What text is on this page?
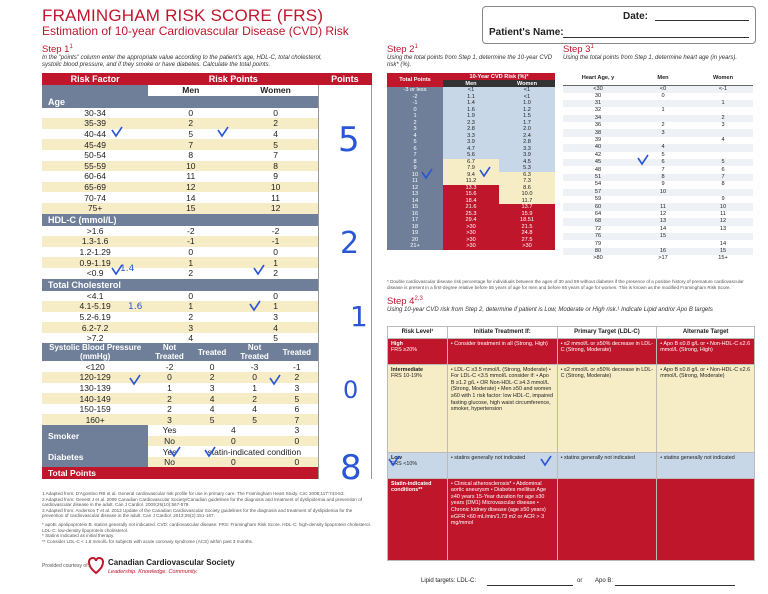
FRAMINGHAM RISK SCORE (FRS)
Estimation of 10-year Cardiovascular Disease (CVD) Risk
Date:
Patient's Name:
Step $1^1$
In the "points" column enter the appropriate value according to the patient's age, HDL-C, total cholesterol, systolic blood pressure, and if they smoke or have diabetes. Calculate the total points.
Risk Factor	Risk Points				Points
	Men		Women		
Age					
30-34	0		0		
35-39	2		2		
40-44	5		4		
45-49	7		5		
50-54	8		7		
55-59	10		8		
60-64	11		9		
65-69	12		10		
70-74	14		11		
75+	15		12		
HDL-C (mmol/L)					
>1.6	-2		-2		
1.3-1.6	-1		-1		
1.2-1.29	0		0		
0.9-1.19	1		1		
<0.9	2		2		
Total Cholesterol					
<4.1	0		0		
4.1-5.19	1		1		
5.2-6.19	2		3		
6.2-7.2	3		4		
>7.2	4		5		
Systolic Blood Pressure (mmHg)	Not Treated	Treated	Not Treated	Treated	
<120	-2	0	-3	-1	
120-129	0	2	0	2	
130-139	1	3	1	3	
140-149	2	4	2	5	
150-159	2	4	4	6	
160+	3	5	5	7	
Smoker	Yes	4		3	
	No	0		0	
Diabetes	Yes	statin-indicated condition			
	No	0		0	
Total Points					
5
2
1
0
8
1.4
1.6
1 Adapted from: D'Agostino RB et al. General cardiovascular risk profile for use in primary care. The Framingham Heart Study. Circ 2008;117:743-53.
2 Adapted from: Genest J et al. 2009 Canadian Cardiovascular Society/Canadian guidelines for the diagnosis and treatment of dyslipidemia and prevention of cardiovascular disease in the adult. Can J Cardiol. 2009;25(10):567-579.
3 Adapted from: Anderson T et al. 2012 Update of the Canadian Cardiovascular Society guidelines for the diagnosis and treatment of dyslipidemia for the prevention of cardiovascular disease in the adult. Can J Cardiol. 2013;29(2):151-167.
* apoB: apolipoprotein B. statins generally not indicated. CVD: cardiovascular disease. FRS: Framingham Risk Score. HDL-C: high-density lipoprotein cholesterol. LDL-C: low-density lipoprotein cholesterol.
* Statins indicated as initial therapy.
** Consider LDL-C < 1.8 mmol/L for subjects with acute coronary syndrome (ACS) within past 3 months.
Provided courtesy of: Canadian Cardiovascular Society
Leadership. Knowledge. Community.
Step $2^1$
Using the total points from Step 1, determine the 10-year CVD risk* (%).
Total Points	10-Year CVD Risk (%)*	
	Men	Women
-3 or less	<1	<1
-2	1.1	<1
-1	1.4	1.0
0	1.6	1.2
1	1.9	1.5
2	2.3	1.7
3	2.8	2.0
4	3.3	2.4
5	3.9	2.8
6	4.7	3.3
7	5.6	3.9
8	6.7	4.5
9	7.9	5.3
10	9.4	6.3
11	11.2	7.3
12	13.3	8.6
13	15.6	10.0
14	18.4	11.7
15	21.6	13.7
16	25.3	15.9
17	29.4	18.51
18	>30	21.5
19	>30	24.8
20	>30	27.5
21+	>30	>30
* Double cardiovascular disease risk percentage for individuals between the ages of 30 and 59 without diabetes if the presence of a positive history of premature cardiovascular disease is present in a first-degree relative before 55 years of age for men and before 65 years of age for women. This is known as the modified Framingham Risk Score.
Step $3^1$
Using the total points from Step 1, determine heart age (in years).
Heart Age, y	Men	Women
<30	<0	<-1
30	0	
31		1
32	1	
34		2
36	2	3
38	3	
39		4
40	4	
42	5	
45	6	5
48	7	6
51	8	7
54	9	8
57	10	
59		9
60	11	10
64	12	11
68	13	12
72	14	13
76	15	
79		14
80	16	15
>80	>17	15+
Step 4$^{2,3}$
Using 10-year CVD risk from Step 2, determine if patient is Low, Moderate or High risk.¹ Indicate Lipid and/or Apo B targets
Risk Level¹	Initiate Treatment If:	Primary Target (LDL-C)	Alternate Target
High
FRS ≥20%	• Consider treatment in all (Strong, High)	• ≤2 mmol/L or ≥50% decrease in LDL-C (Strong, Moderate)	• Apo B ≤0.8 g/L or • Non-HDL-C ≤2.6 mmol/L (Strong, High)
Intermediate
FRS 10-19%	• LDL-C ≥3.5 mmol/L (Strong, Moderate) • For LDL-C <3.5 mmol/L consider if: • Apo B ≥1.2 g/L • OR Non-HDL-C ≥4.3 mmol/L (Strong, Moderate) • Men ≥50 and women ≥60 with 1 risk factor: low HDL-C, impaired fasting glucose, high waist circumference, smoker, hypertension	• ≤2 mmol/L or ≥50% decrease in LDL-C (Strong, Moderate)	• Apo B ≤0.8 g/L or • Non-HDL-C ≤2.6 mmol/L (Strong, Moderate)
Low
FRS <10%	• statins generally not indicated	• statins generally not indicated	• statins generally not indicated
Statin-indicated conditions**	• Clinical atherosclerosis* • Abdominal aortic aneurysm • Diabetes mellitus Age ≥40 years 15-Year duration for age ≥30 years (DM1) Microvascular disease • Chronic kidney disease (age ≥50 years) eGFR <60 mL/min/1.73 m2 or ACR > 3 mg/mmol		
Lipid targets: LDL-C:	or Apo B:
